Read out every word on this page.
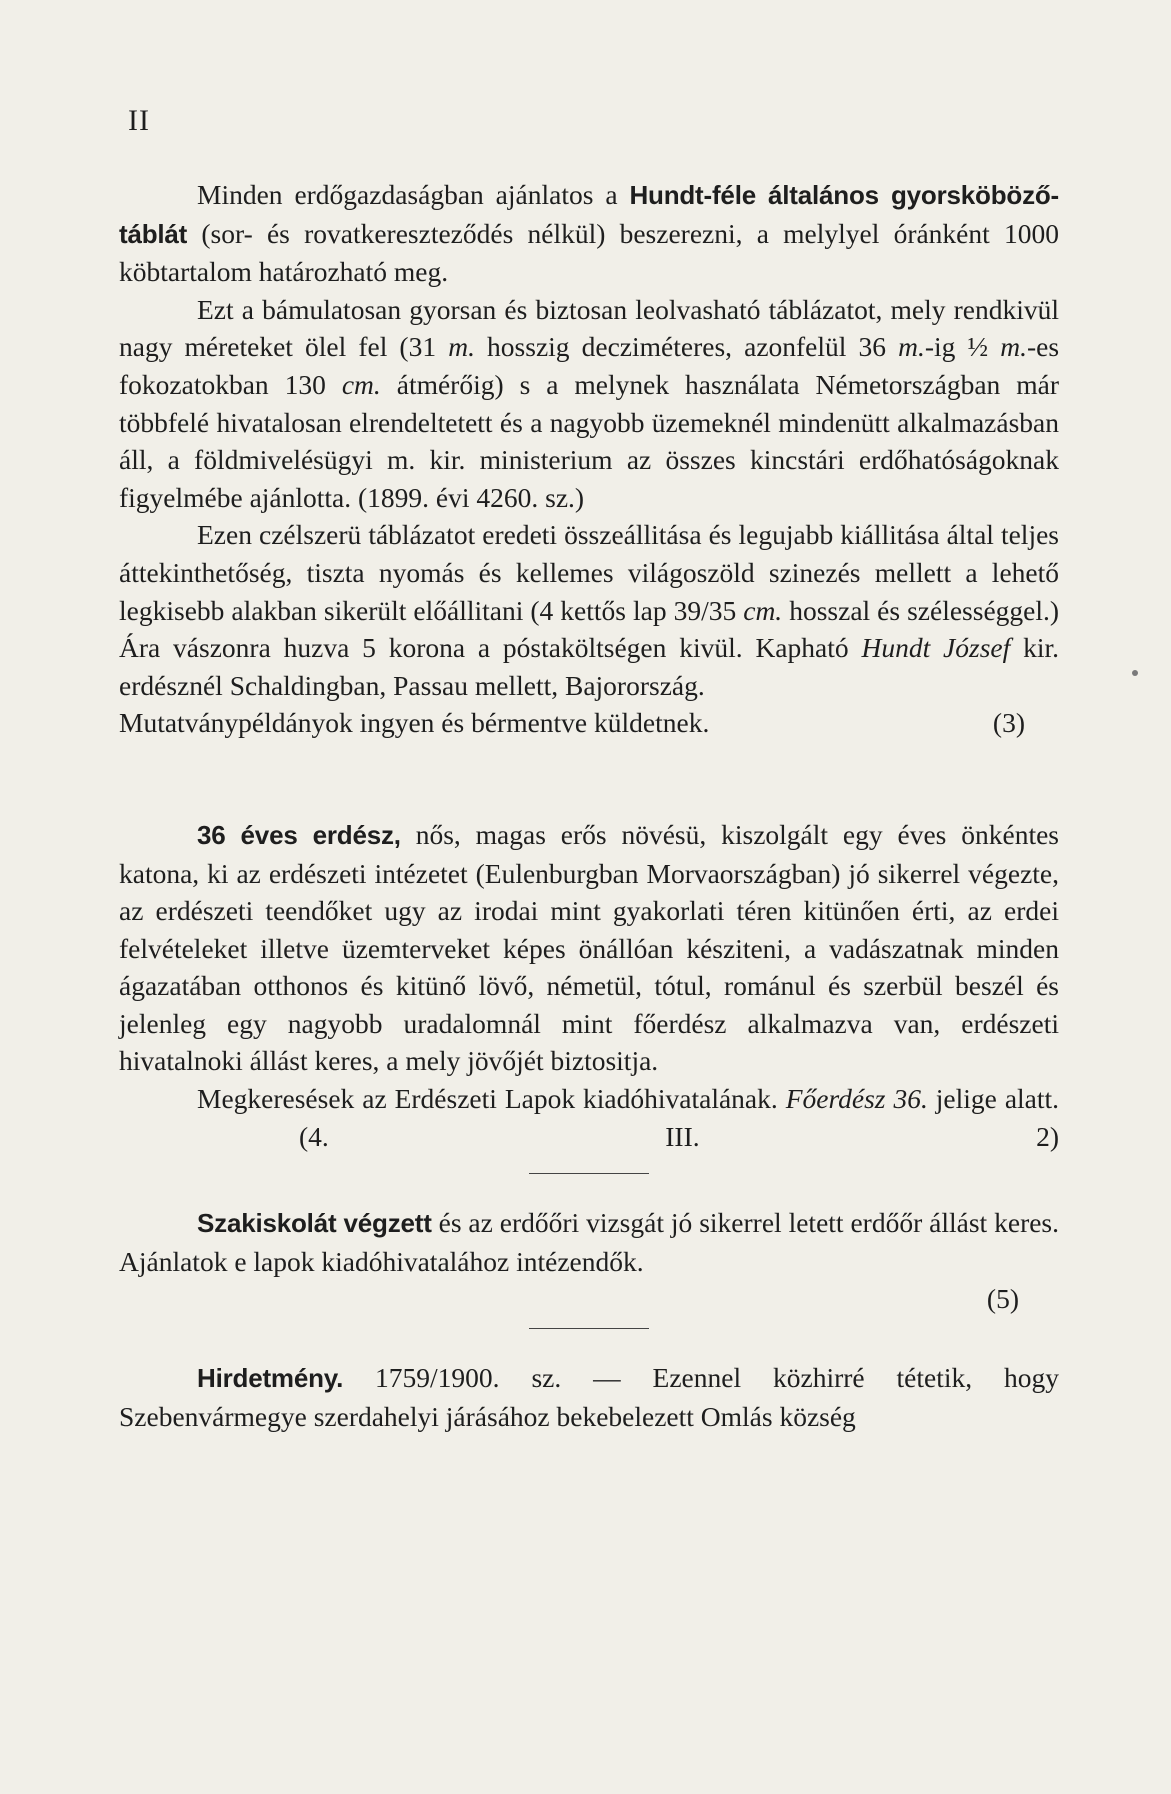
II

Minden erdőgazdaságban ajánlatos a Hundt-féle általános gyorsköböző-táblát (sor- és rovatkereszteződés nélkül) beszerezni, a melylyel óránként 1000 köbtartalom határozható meg.

Ezt a bámulatosan gyorsan és biztosan leolvasható táblázatot, mely rendkivül nagy méreteket ölel fel (31 m. hosszig decziméteres, azonfelül 36 m.-ig ½ m.-es fokozatokban 130 cm. átmérőig) s a melynek használata Németországban már többfelé hivatalosan elrendeltetett és a nagyobb üzemeknél mindenütt alkalmazásban áll, a földmivelésügyi m. kir. ministerium az összes kincstári erdőhatóságoknak figyelmébe ajánlotta. (1899. évi 4260. sz.)

Ezen czélszerü táblázatot eredeti összeállitása és legujabb kiállitása által teljes áttekinthetőség, tiszta nyomás és kellemes világoszöld szinezés mellett a lehető legkisebb alakban sikerült előállitani (4 kettős lap 39/35 cm. hosszal és szélességgel.) Ára vászonra huzva 5 korona a póstaköltségen kivül. Kapható Hundt József kir. erdésznél Schaldingban, Passau mellett, Bajorország.

Mutatványpéldányok ingyen és bérmentve küldetnek.	(3)

36 éves erdész, nős, magas erős növésü, kiszolgált egy éves önkéntes katona, ki az erdészeti intézetet (Eulenburgban Morvaországban) jó sikerrel végezte, az erdészeti teendőket ugy az irodai mint gyakorlati téren kitünően érti, az erdei felvételeket illetve üzemterveket képes önállóan késziteni, a vadászatnak minden ágazatában otthonos és kitünő lövő, németül, tótul, románul és szerbül beszél és jelenleg egy nagyobb uradalomnál mint főerdész alkalmazva van, erdészeti hivatalnoki állást keres, a mely jövőjét biztositja.

Megkeresések az Erdészeti Lapok kiadóhivatalának. Főerdész 36. jelige alatt. (4. III. 2)

Szakiskolát végzett és az erdőőri vizsgát jó sikerrel letett erdőőr állást keres. Ajánlatok e lapok kiadóhivatalához intézendők.

(5)

Hirdetmény. 1759/1900. sz. — Ezennel közhirré tétetik, hogy Szebenvármegye szerdahelyi járásához bekebelezett Omlás község
